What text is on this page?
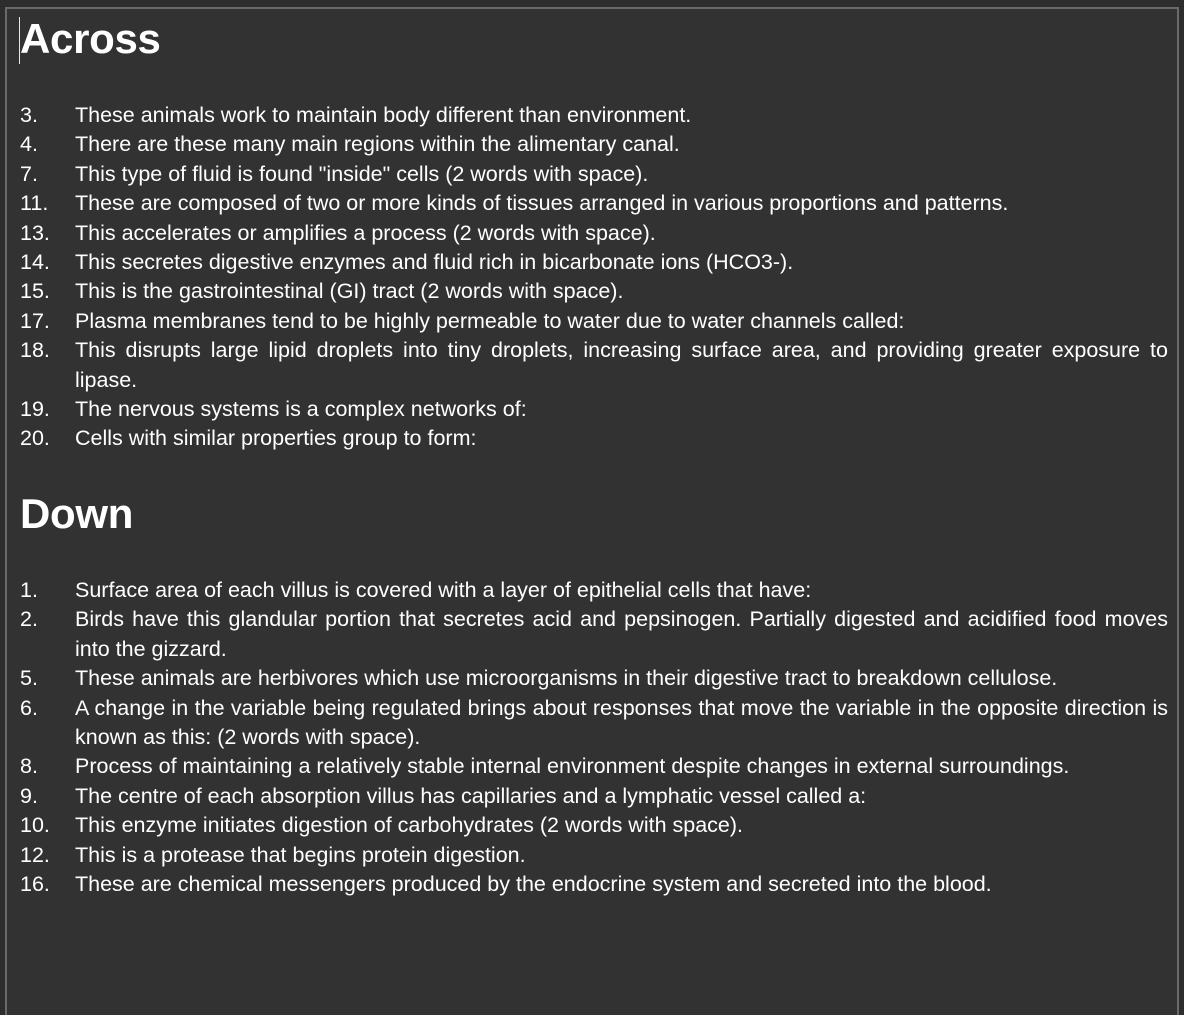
Across
3.	These animals work to maintain body different than environment.
4.	There are these many main regions within the alimentary canal.
7.	This type of fluid is found "inside" cells (2 words with space).
11.	These are composed of two or more kinds of tissues arranged in various proportions and patterns.
13.	This accelerates or amplifies a process (2 words with space).
14.	This secretes digestive enzymes and fluid rich in bicarbonate ions (HCO3-).
15.	This is the gastrointestinal (GI) tract (2 words with space).
17.	Plasma membranes tend to be highly permeable to water due to water channels called:
18.	This disrupts large lipid droplets into tiny droplets, increasing surface area, and providing greater exposure to lipase.
19.	The nervous systems is a complex networks of:
20.	Cells with similar properties group to form:
Down
1.	Surface area of each villus is covered with a layer of epithelial cells that have:
2.	Birds have this glandular portion that secretes acid and pepsinogen. Partially digested and acidified food moves into the gizzard.
5.	These animals are herbivores which use microorganisms in their digestive tract to breakdown cellulose.
6.	A change in the variable being regulated brings about responses that move the variable in the opposite direction is known as this: (2 words with space).
8.	Process of maintaining a relatively stable internal environment despite changes in external surroundings.
9.	The centre of each absorption villus has capillaries and a lymphatic vessel called a:
10.	This enzyme initiates digestion of carbohydrates (2 words with space).
12.	This is a protease that begins protein digestion.
16.	These are chemical messengers produced by the endocrine system and secreted into the blood.
